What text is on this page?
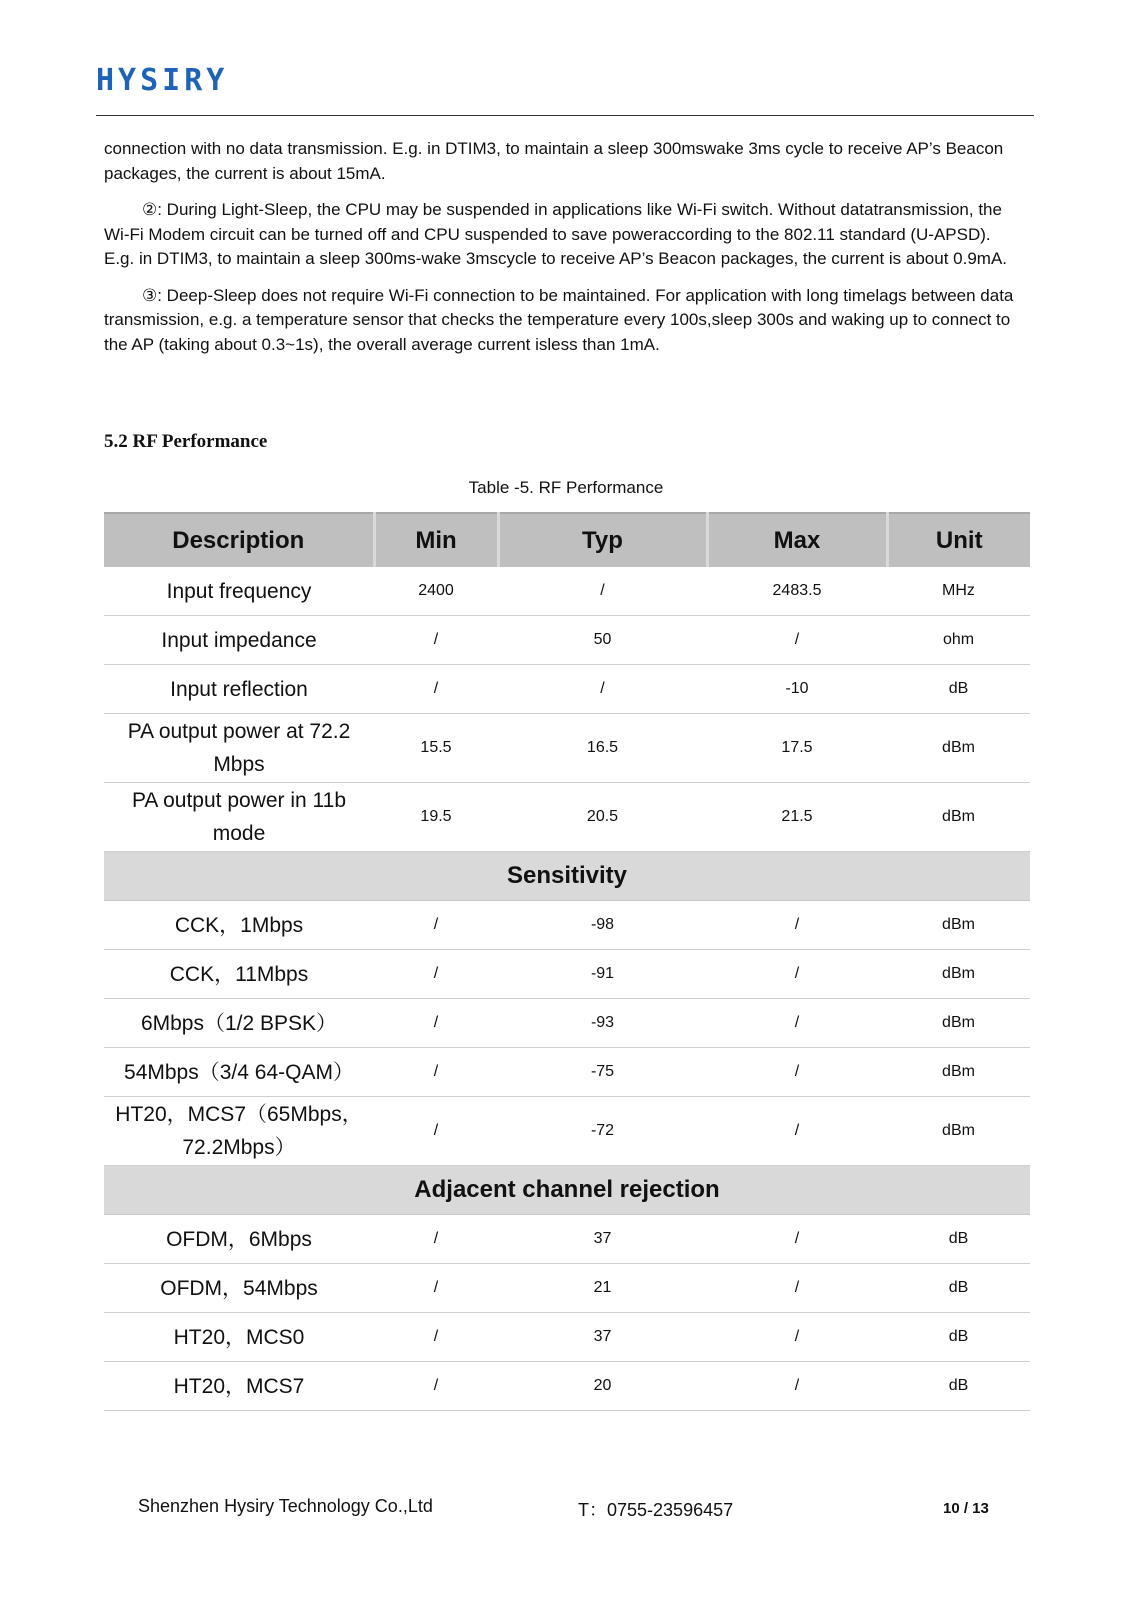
HYSIRY

connection with no data transmission. E.g. in DTIM3, to maintain a sleep 300mswake 3ms cycle to receive AP’s Beacon packages, the current is about 15mA.

②: During Light-Sleep, the CPU may be suspended in applications like Wi-Fi switch. Without datatransmission, the Wi-Fi Modem circuit can be turned off and CPU suspended to save poweraccording to the 802.11 standard (U-APSD). E.g. in DTIM3, to maintain a sleep 300ms-wake 3mscycle to receive AP’s Beacon packages, the current is about 0.9mA.

③: Deep-Sleep does not require Wi-Fi connection to be maintained. For application with long timelags between data transmission, e.g. a temperature sensor that checks the temperature every 100s,sleep 300s and waking up to connect to the AP (taking about 0.3~1s), the overall average current isless than 1mA.

5.2 RF Performance
Table -5. RF Performance
Description	Min	Typ	Max	Unit
Input frequency	2400	/	2483.5	MHz
Input impedance	/	50	/	ohm
Input reflection	/	/	-10	dB
PA output power at 72.2 Mbps	15.5	16.5	17.5	dBm
PA output power in 11b mode	19.5	20.5	21.5	dBm
Sensitivity				
CCK，1Mbps	/	-98	/	dBm
CCK，11Mbps	/	-91	/	dBm
6Mbps（1/2 BPSK）	/	-93	/	dBm
54Mbps（3/4 64-QAM）	/	-75	/	dBm
HT20，MCS7（65Mbps，72.2Mbps）	/	-72	/	dBm
Adjacent channel rejection				
OFDM，6Mbps	/	37	/	dB
OFDM，54Mbps	/	21	/	dB
HT20，MCS0	/	37	/	dB
HT20，MCS7	/	20	/	dB
Shenzhen Hysiry Technology Co.,Ltd	T：0755-23596457	10 / 13
